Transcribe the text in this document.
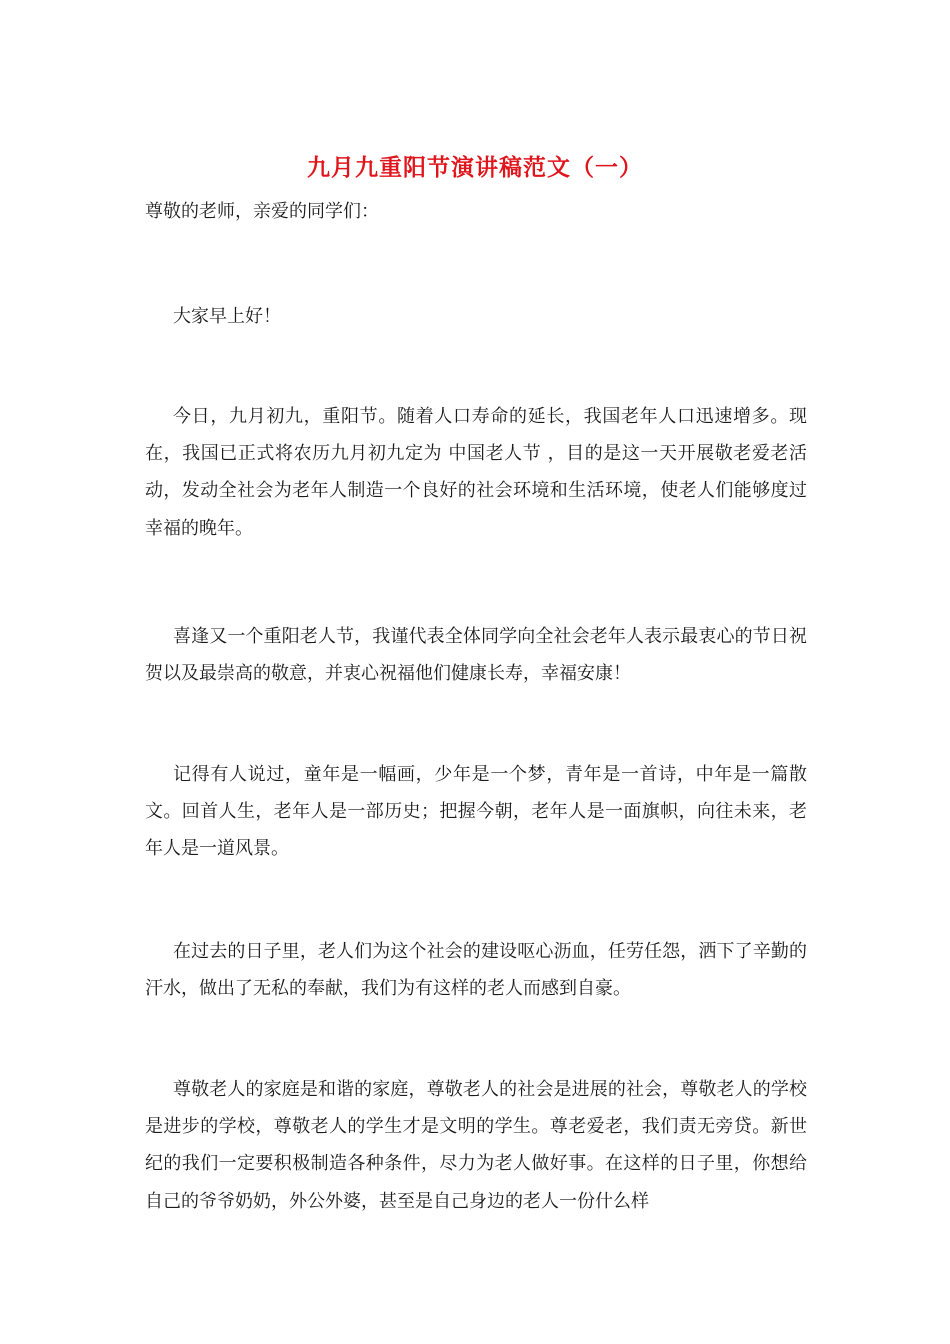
九月九重阳节演讲稿范文（一）
尊敬的老师，亲爱的同学们：

大家早上好！

今日，九月初九，重阳节。随着人口寿命的延长，我国老年人口迅速增多。现在，我国已正式将农历九月初九定为 中国老人节 ，目的是这一天开展敬老爱老活动，发动全社会为老年人制造一个良好的社会环境和生活环境，使老人们能够度过幸福的晚年。

喜逢又一个重阳老人节，我谨代表全体同学向全社会老年人表示最衷心的节日祝贺以及最崇高的敬意，并衷心祝福他们健康长寿，幸福安康！

记得有人说过，童年是一幅画，少年是一个梦，青年是一首诗，中年是一篇散文。回首人生，老年人是一部历史；把握今朝，老年人是一面旗帜，向往未来，老年人是一道风景。

在过去的日子里，老人们为这个社会的建设呕心沥血，任劳任怨，洒下了辛勤的汗水，做出了无私的奉献，我们为有这样的老人而感到自豪。

尊敬老人的家庭是和谐的家庭，尊敬老人的社会是进展的社会，尊敬老人的学校是进步的学校，尊敬老人的学生才是文明的学生。尊老爱老，我们责无旁贷。新世纪的我们一定要积极制造各种条件，尽力为老人做好事。在这样的日子里，你想给自己的爷爷奶奶，外公外婆，甚至是自己身边的老人一份什么样
